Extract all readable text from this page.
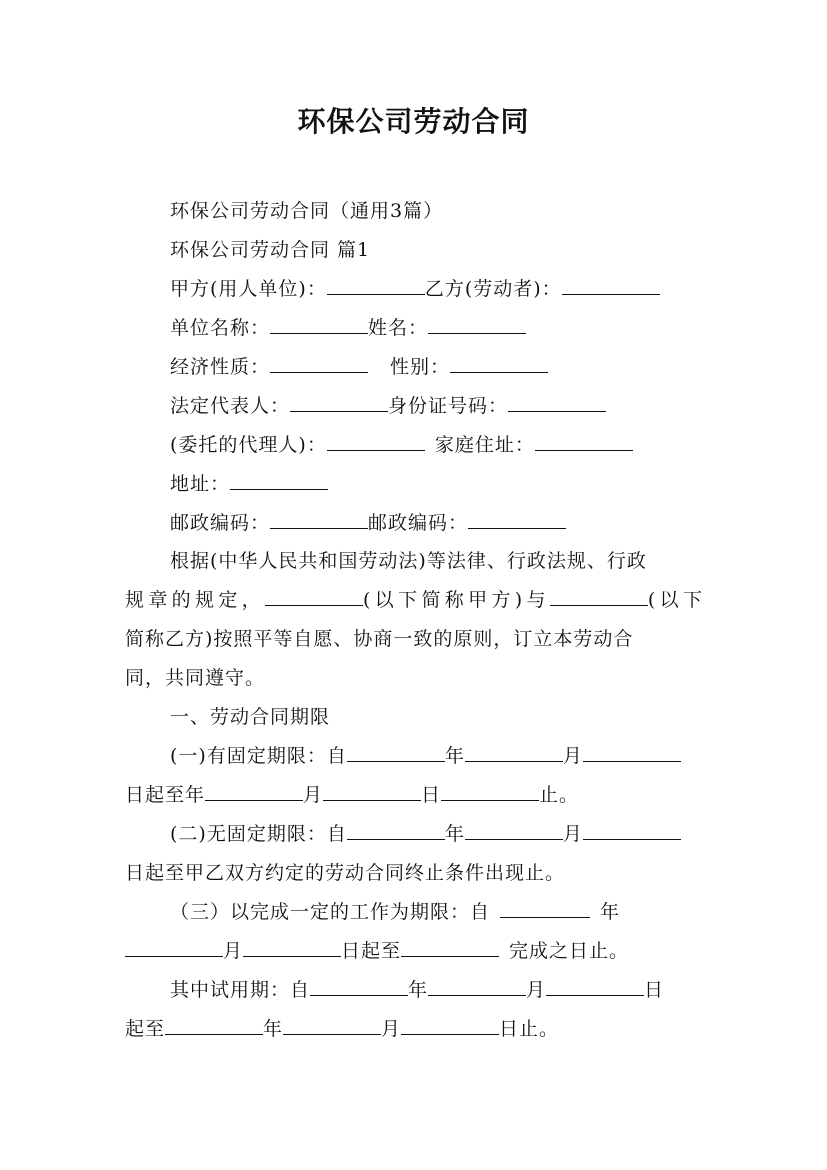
环保公司劳动合同
环保公司劳动合同（通用3篇）
环保公司劳动合同 篇1
甲方(用人单位)：	乙方(劳动者)：
单位名称：	姓名：
经济性质：	性别：
法定代表人：	身份证号码：
(委托的代理人)：	家庭住址：
地址：
邮政编码：	邮政编码：
根据(中华人民共和国劳动法)等法律、行政法规、行政
规章的规定，	(以下简称甲方)与	(以下
简称乙方)按照平等自愿、协商一致的原则，订立本劳动合
同，共同遵守。
一、劳动合同期限
(一)有固定期限：自	年	月
日起至年	月	日	止。
(二)无固定期限：自	年	月
日起至甲乙双方约定的劳动合同终止条件出现止。
（三）以完成一定的工作为期限：自	年
月	日起至	完成之日止。
其中试用期：自	年	月	日
起至	年	月	日止。
